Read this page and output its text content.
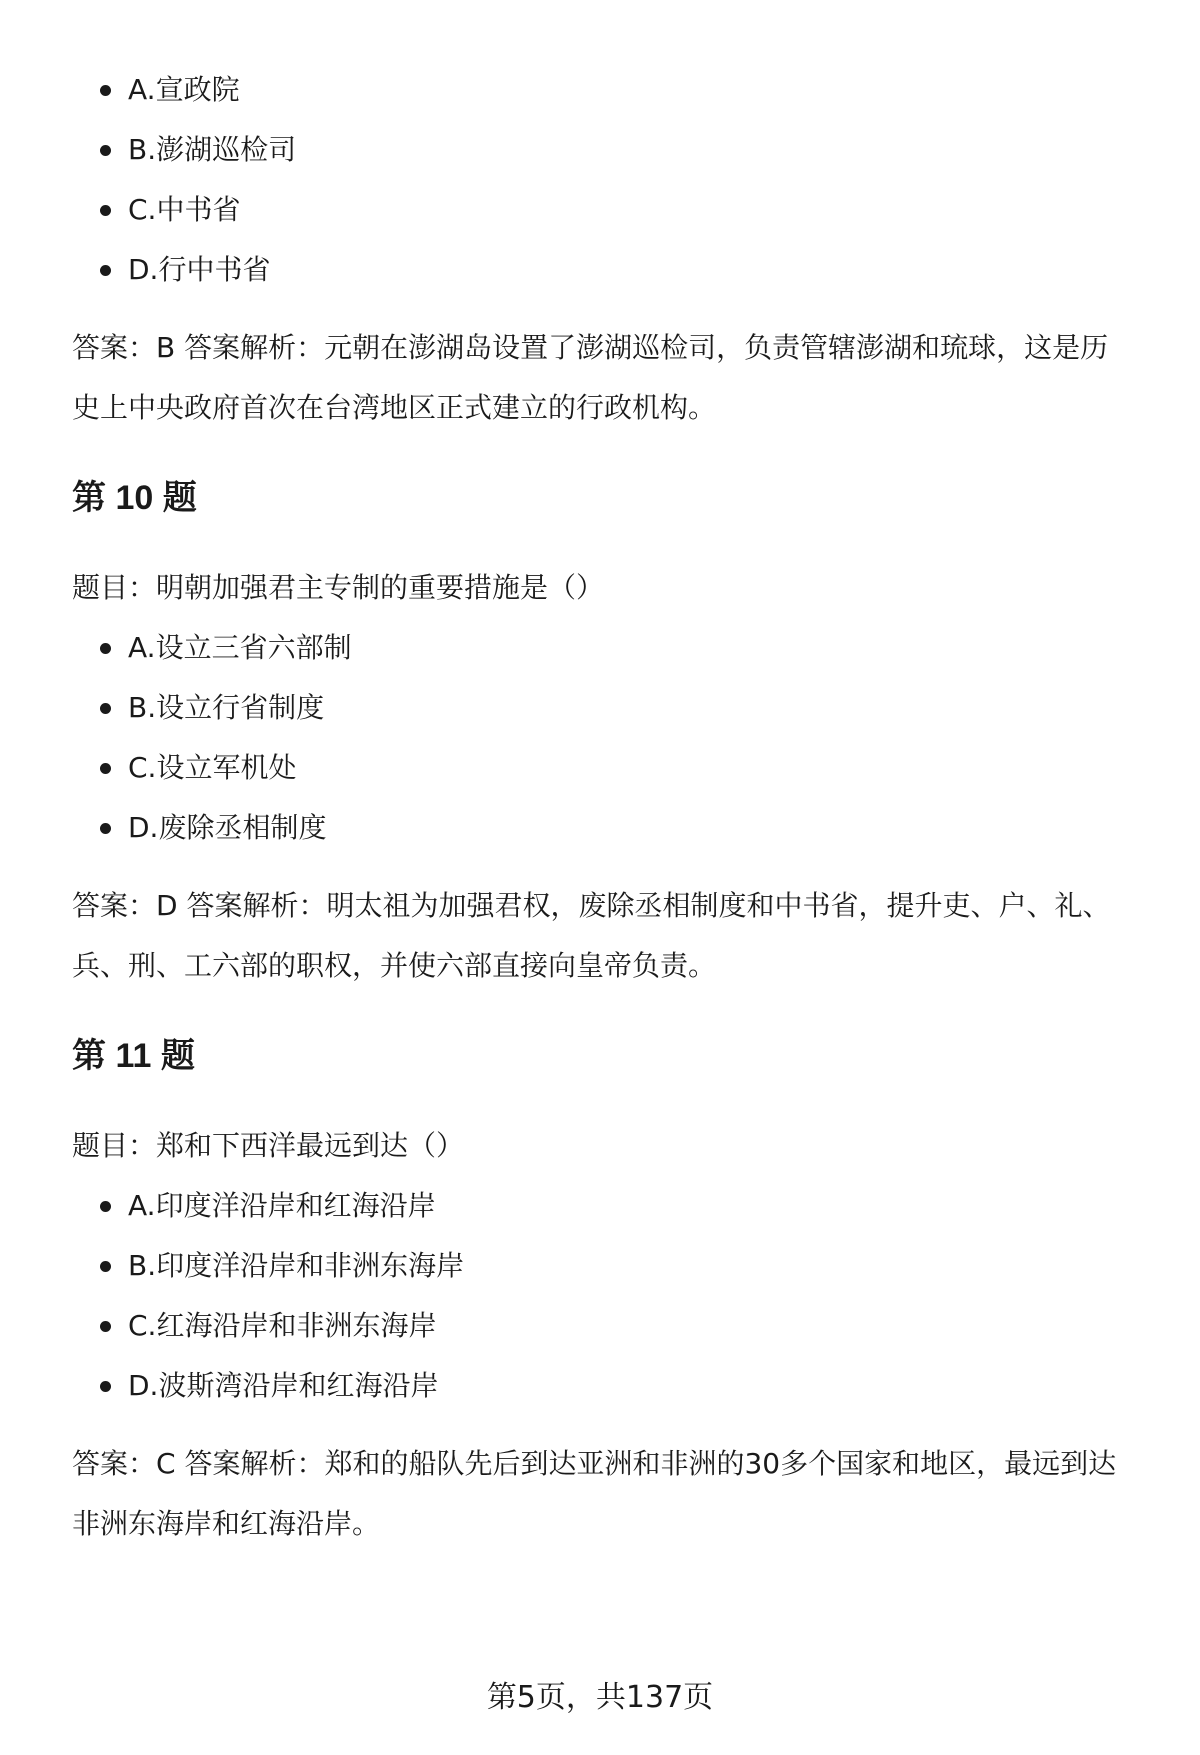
A.宣政院
B.澎湖巡检司
C.中书省
D.行中书省

答案：B 答案解析：元朝在澎湖岛设置了澎湖巡检司，负责管辖澎湖和琉球，这是历史上中央政府首次在台湾地区正式建立的行政机构。

第 10 题

题目：明朝加强君主专制的重要措施是（）

A.设立三省六部制
B.设立行省制度
C.设立军机处
D.废除丞相制度

答案：D 答案解析：明太祖为加强君权，废除丞相制度和中书省，提升吏、户、礼、兵、刑、工六部的职权，并使六部直接向皇帝负责。

第 11 题

题目：郑和下西洋最远到达（）

A.印度洋沿岸和红海沿岸
B.印度洋沿岸和非洲东海岸
C.红海沿岸和非洲东海岸
D.波斯湾沿岸和红海沿岸

答案：C 答案解析：郑和的船队先后到达亚洲和非洲的30多个国家和地区，最远到达非洲东海岸和红海沿岸。

第5页，共137页
